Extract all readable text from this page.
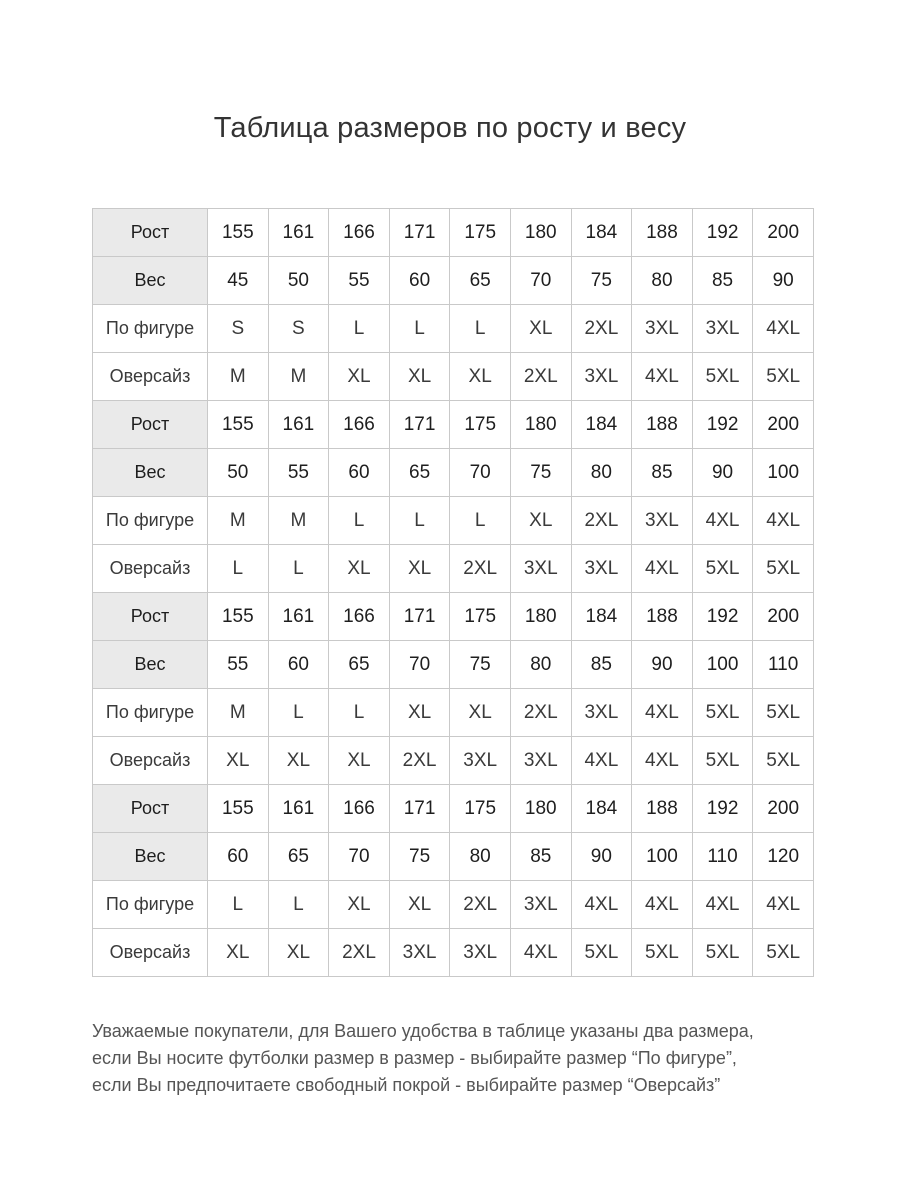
Таблица размеров по росту и весу
Рост	155	161	166	171	175	180	184	188	192	200
Вес	45	50	55	60	65	70	75	80	85	90
По фигуре	S	S	L	L	L	XL	2XL	3XL	3XL	4XL
Оверсайз	M	M	XL	XL	XL	2XL	3XL	4XL	5XL	5XL
Рост	155	161	166	171	175	180	184	188	192	200
Вес	50	55	60	65	70	75	80	85	90	100
По фигуре	M	M	L	L	L	XL	2XL	3XL	4XL	4XL
Оверсайз	L	L	XL	XL	2XL	3XL	3XL	4XL	5XL	5XL
Рост	155	161	166	171	175	180	184	188	192	200
Вес	55	60	65	70	75	80	85	90	100	110
По фигуре	M	L	L	XL	XL	2XL	3XL	4XL	5XL	5XL
Оверсайз	XL	XL	XL	2XL	3XL	3XL	4XL	4XL	5XL	5XL
Рост	155	161	166	171	175	180	184	188	192	200
Вес	60	65	70	75	80	85	90	100	110	120
По фигуре	L	L	XL	XL	2XL	3XL	4XL	4XL	4XL	4XL
Оверсайз	XL	XL	2XL	3XL	3XL	4XL	5XL	5XL	5XL	5XL

Уважаемые покупатели, для Вашего удобства в таблице указаны два размера,
если Вы носите футболки размер в размер - выбирайте размер “По фигуре”,
если Вы предпочитаете свободный покрой - выбирайте размер “Оверсайз”
